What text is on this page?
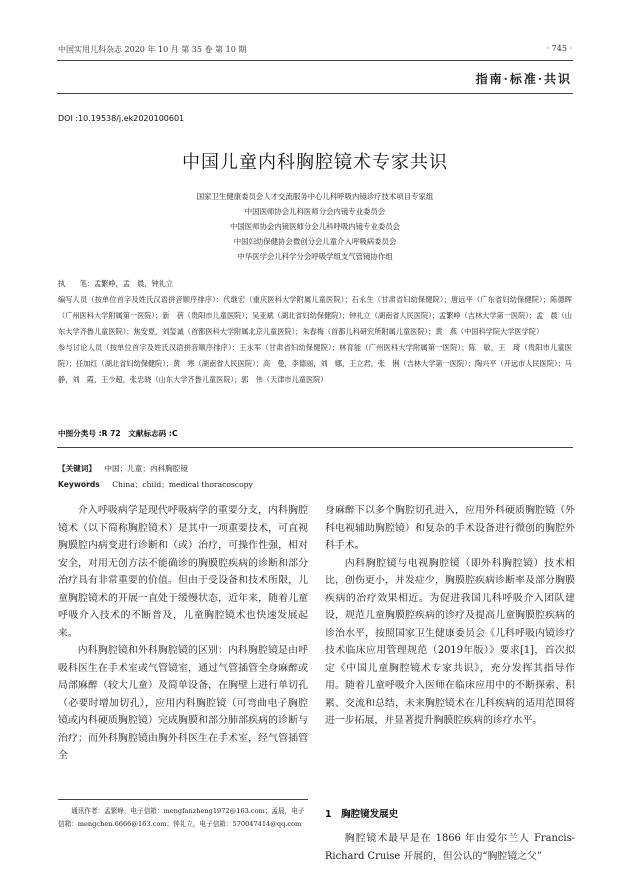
中国实用儿科杂志 2020 年 10 月 第 35 卷 第 10 期	· 745 ·
指南·标准·共识
DOI :10.19538/j.ek2020100601
中国儿童内科胸腔镜术专家共识
国家卫生健康委员会人才交流服务中心儿科呼吸内镜诊疗技术项目专家组
中国医师协会儿科医师分会内镜专业委员会
中国医师协会内镜医师分会儿科呼吸内镜专业委员会
中国妇幼保健协会微创分会儿童介入呼吸病委员会
中华医学会儿科学分会呼吸学组支气管镜协作组
执　　笔：孟繁峥，孟　晨，钟礼立
编写人员（按单位首字及姓氏汉语拼音顺序排序）：代继宏（重庆医科大学附属儿童医院）；石永生（甘肃省妇幼保健院）；唐远平（广东省妇幼保健院）；陈德晖（广州医科大学附属第一医院）；新　蓓（贵阳市儿童医院）；吴亚斌（湖北省妇幼保健院）；钟礼立（湖南省人民医院）；孟繁峥（吉林大学第一医院）；孟　晨（山东大学齐鲁儿童医院）；焦安夏，刘玺诚（首都医科大学附属北京儿童医院）；朱春梅（首都儿科研究所附属儿童医院）；黄　燕（中国科学院大学医学院）
参与讨论人员（按单位首字及姓氏汉语拼音顺序排序）：王永军（甘肃省妇幼保健院）；林育能（广州医科大学附属第一医院）；陈　敏，王　琦（贵阳市儿童医院）；任加红（湖北省妇幼保健院）；黄　寒（湖南省人民医院）；高　曼，李德丽，刘　娜，王立君，张　俐（吉林大学第一医院）；陶兴平（开远市人民医院）；马　静，刘　霞，王少超，张忠晓（山东大学齐鲁儿童医院）；郭　伟（天津市儿童医院）
中图分类号 :R 72　文献标志码 :C
【关键词】 中国；儿童；内科胸腔镜
Keywords China；child；medical thoracoscopy

介入呼吸病学是现代呼吸病学的重要分支，内科胸腔镜术（以下简称胸腔镜术）是其中一项重要技术，可直视胸膜腔内病变进行诊断和（或）治疗，可操作性强，相对安全，对用无创方法不能确诊的胸膜腔疾病的诊断和部分治疗具有非常重要的价值。但由于受设备和技术所限，儿童胸腔镜术的开展一直处于缓慢状态，近年来，随着儿童呼吸介入技术的不断普及，儿童胸腔镜术也快速发展起来。

内科胸腔镜和外科胸腔镜的区别：内科胸腔镜是由呼吸科医生在手术室或气管镜室，通过气管插管全身麻醉或局部麻醉（较大儿童）及简单设备，在胸壁上进行单切孔（必要时增加切孔），应用内科胸腔镜（可弯曲电子胸腔镜或内科硬质胸腔镜）完成胸膜和部分肺部疾病的诊断与治疗；而外科胸腔镜由胸外科医生在手术室，经气管插管全

通讯作者：孟繁峥，电子信箱：mengfanzheng1972@163.com；孟晨，电子信箱：mengchen.6666@163.com；钟礼立，电子信箱：570047414@qq.com

身麻醉下以多个胸腔切孔进入，应用外科硬质胸腔镜（外科电视辅助胸腔镜）和复杂的手术设备进行微创的胸腔外科手术。

内科胸腔镜与电视胸腔镜（即外科胸腔镜）技术相比，创伤更小，并发症少，胸膜腔疾病诊断率及部分胸膜疾病的治疗效果相近。为促进我国儿科呼吸介入团队建设，规范儿童胸膜腔疾病的诊疗及提高儿童胸膜腔疾病的诊治水平，按照国家卫生健康委员会《儿科呼吸内镜诊疗技术临床应用管理规范（2019年版）》要求[1]，首次拟定《中国儿童胸腔镜术专家共识》，充分发挥其指导作用。随着儿童呼吸介入医师在临床应用中的不断探索、积累、交流和总结，未来胸腔镜术在儿科疾病的适用范围将进一步拓展，并显著提升胸膜腔疾病的诊疗水平。

1　胸腔镜发展史

胸腔镜术最早是在 1866 年由爱尔兰人 Francis-Richard Cruise 开展的，但公认的“胸腔镜之父”
